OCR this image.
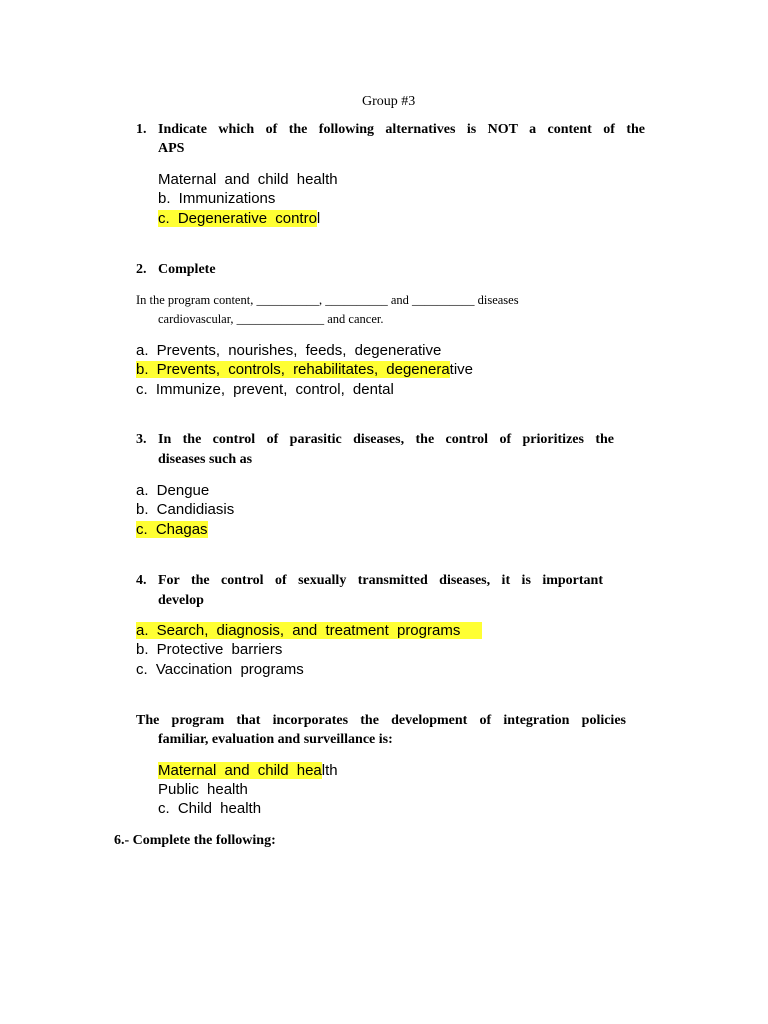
Group #3
1. Indicate which of the following alternatives is NOT a content of the
APS
Maternal and child health
b. Immunizations
c. Degenerative control
2. Complete
In the program content, __________, __________ and __________ diseases
cardiovascular, ______________ and cancer.
a. Prevents, nourishes, feeds, degenerative
b. Prevents, controls, rehabilitates, degenerative
c. Immunize, prevent, control, dental
3. In the control of parasitic diseases, the control of prioritizes the
diseases such as
a. Dengue
b. Candidiasis
c. Chagas
4. For the control of sexually transmitted diseases, it is important
develop
a. Search, diagnosis, and treatment programs
b. Protective barriers
c. Vaccination programs
The program that incorporates the development of integration policies
familiar, evaluation and surveillance is:
Maternal and child health
Public health
c. Child health
6.- Complete the following:
